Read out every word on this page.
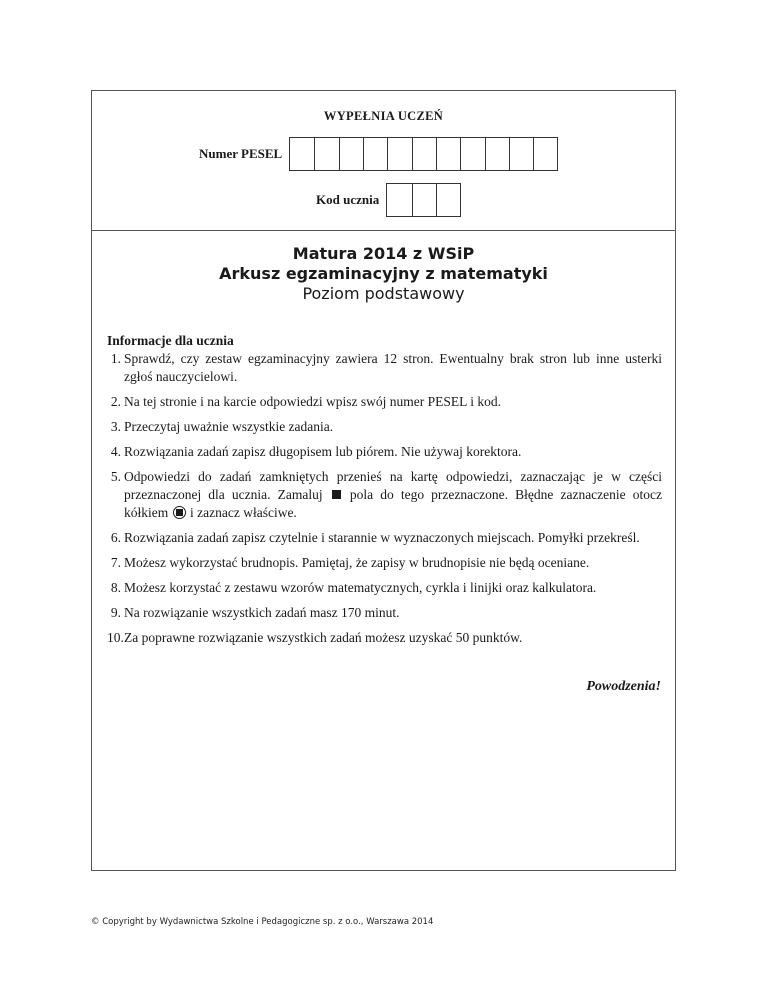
WYPEŁNIA UCZEŃ
Numer PESEL
Kod ucznia
Matura 2014 z WSiP
Arkusz egzaminacyjny z matematyki
Poziom podstawowy
Informacje dla ucznia
1. Sprawdź, czy zestaw egzaminacyjny zawiera 12 stron. Ewentualny brak stron lub inne usterki zgłoś nauczycielowi.
2. Na tej stronie i na karcie odpowiedzi wpisz swój numer PESEL i kod.
3. Przeczytaj uważnie wszystkie zadania.
4. Rozwiązania zadań zapisz długopisem lub piórem. Nie używaj korektora.
5. Odpowiedzi do zadań zamkniętych przenieś na kartę odpowiedzi, zaznaczając je w części przeznaczonej dla ucznia. Zamaluj pola do tego przeznaczone. Błędne zaznaczenie otocz kółkiem i zaznacz właściwe.
6. Rozwiązania zadań zapisz czytelnie i starannie w wyznaczonych miejscach. Pomyłki przekreśl.
7. Możesz wykorzystać brudnopis. Pamiętaj, że zapisy w brudnopisie nie będą oceniane.
8. Możesz korzystać z zestawu wzorów matematycznych, cyrkla i linijki oraz kalkulatora.
9. Na rozwiązanie wszystkich zadań masz 170 minut.
10. Za poprawne rozwiązanie wszystkich zadań możesz uzyskać 50 punktów.
Powodzenia!
© Copyright by Wydawnictwa Szkolne i Pedagogiczne sp. z o.o., Warszawa 2014
